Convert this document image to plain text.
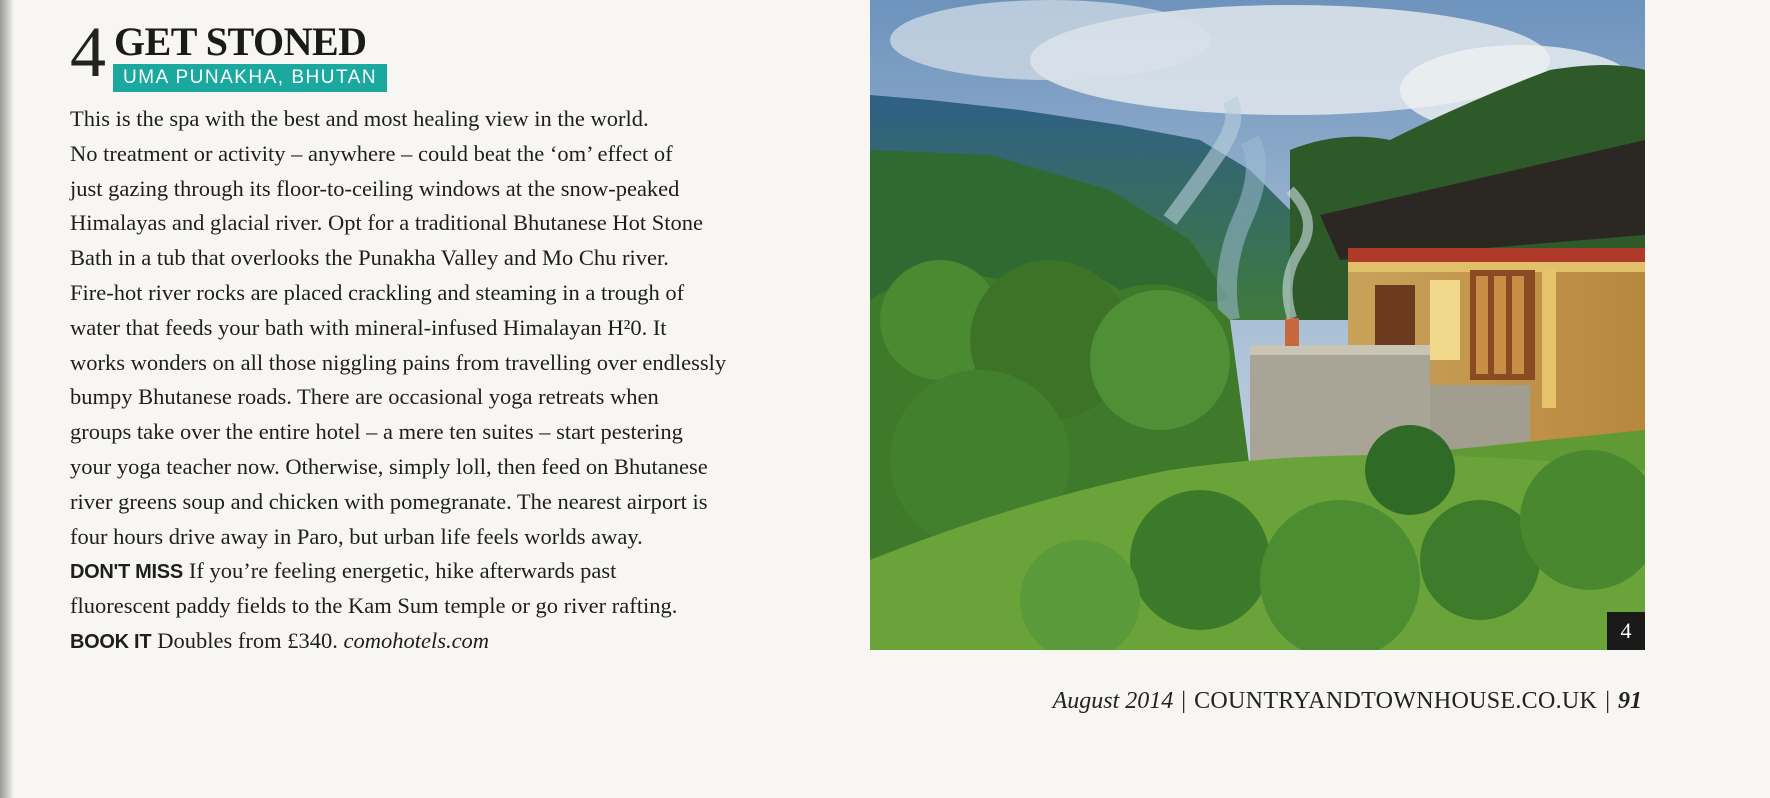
4 GET STONED
UMA PUNAKHA, BHUTAN
This is the spa with the best and most healing view in the world.
No treatment or activity – anywhere – could beat the ‘om’ effect of
just gazing through its floor-to-ceiling windows at the snow-peaked
Himalayas and glacial river. Opt for a traditional Bhutanese Hot Stone
Bath in a tub that overlooks the Punakha Valley and Mo Chu river.
Fire-hot river rocks are placed crackling and steaming in a trough of
water that feeds your bath with mineral-infused Himalayan H²0. It
works wonders on all those niggling pains from travelling over endlessly
bumpy Bhutanese roads. There are occasional yoga retreats when
groups take over the entire hotel – a mere ten suites – start pestering
your yoga teacher now. Otherwise, simply loll, then feed on Bhutanese
river greens soup and chicken with pomegranate. The nearest airport is
four hours drive away in Paro, but urban life feels worlds away.
DON'T MISS If you’re feeling energetic, hike afterwards past
fluorescent paddy fields to the Kam Sum temple or go river rafting.
BOOK IT Doubles from £340. comohotels.com	4
August 2014 | COUNTRYANDTOWNHOUSE.CO.UK | 91
